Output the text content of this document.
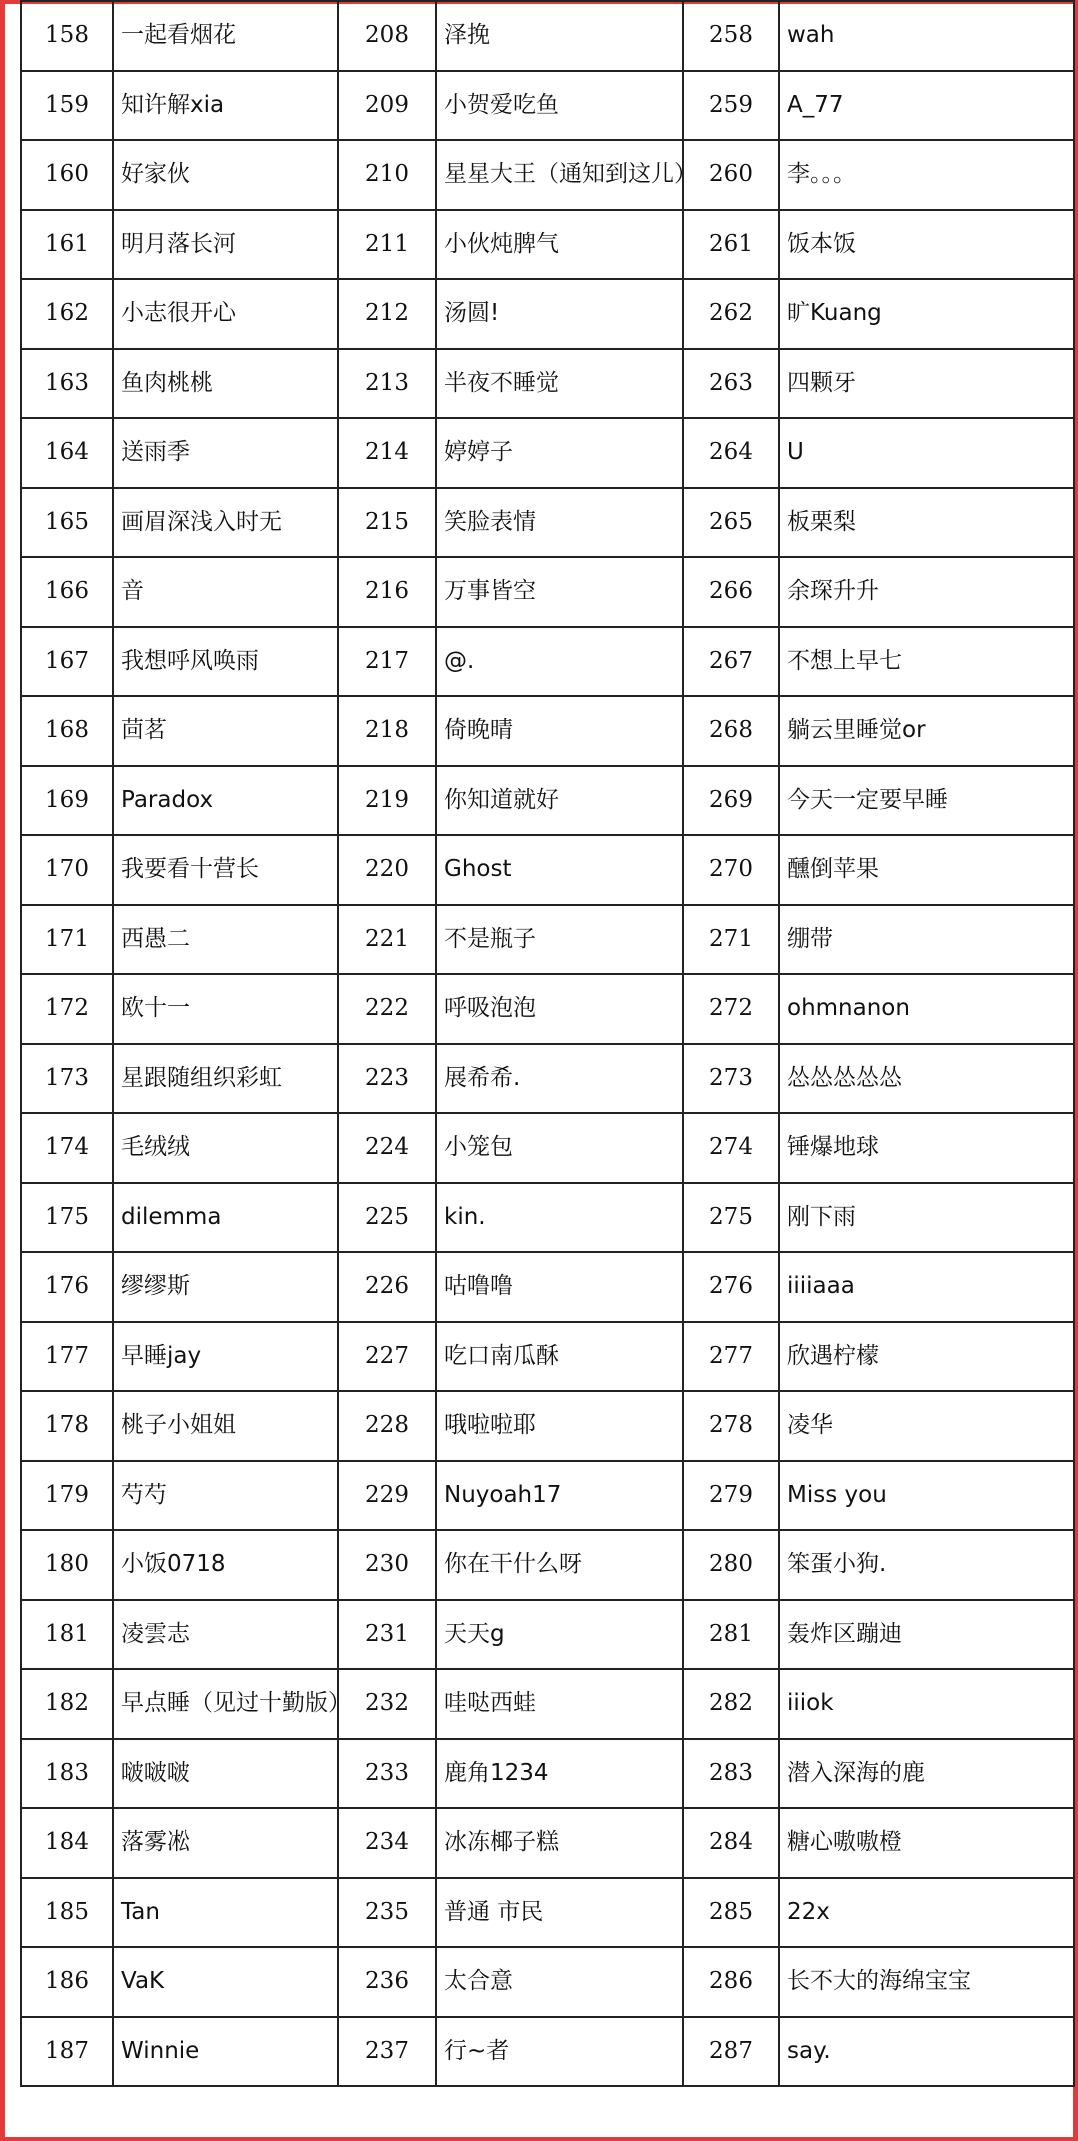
158	一起看烟花	208	泽挽	258	wah
159	知许解xia	209	小贺爱吃鱼	259	A_77
160	好家伙	210	星星大王（通知到这儿）	260	李。。。
161	明月落长河	211	小伙炖脾气	261	饭本饭
162	小志很开心	212	汤圆!	262	旷Kuang
163	鱼肉桃桃	213	半夜不睡觉	263	四颗牙
164	送雨季	214	婷婷子	264	U
165	画眉深浅入时无	215	笑脸表情	265	板栗梨
166	音	216	万事皆空	266	余琛升升
167	我想呼风唤雨	217	@.	267	不想上早七
168	茴茗	218	倚晚晴	268	躺云里睡觉or
169	Paradox	219	你知道就好	269	今天一定要早睡
170	我要看十营长	220	Ghost	270	醺倒苹果
171	西愚二	221	不是瓶子	271	绷带
172	欧十一	222	呼吸泡泡	272	ohmnanon
173	星跟随组织彩虹	223	展希希.	273	怂怂怂怂怂
174	毛绒绒	224	小笼包	274	锤爆地球
175	dilemma	225	kin.	275	刚下雨
176	缪缪斯	226	咕噜噜	276	iiiiaaa
177	早睡jay	227	吃口南瓜酥	277	欣遇柠檬
178	桃子小姐姐	228	哦啦啦耶	278	凌华
179	芍芍	229	Nuyoah17	279	Miss you
180	小饭0718	230	你在干什么呀	280	笨蛋小狗.
181	凌雲志	231	天天g	281	轰炸区蹦迪
182	早点睡（见过十勤版）	232	哇哒西蛙	282	iiiok
183	啵啵啵	233	鹿角1234	283	潜入深海的鹿
184	落雾凇	234	冰冻椰子糕	284	糖心嗷嗷橙
185	Tan	235	普通 市民	285	22x
186	VaK	236	太合意	286	长不大的海绵宝宝
187	Winnie	237	行~者	287	say.
